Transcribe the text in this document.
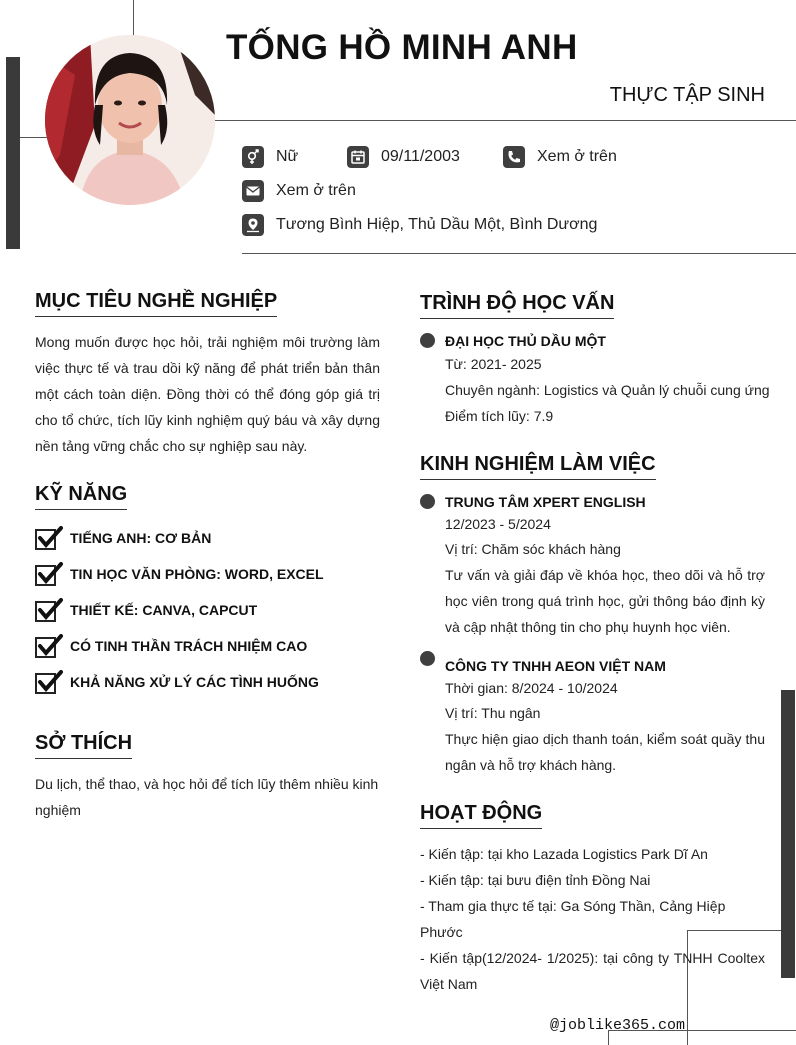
TỐNG HỒ MINH ANH
THỰC TẬP SINH
Nữ	09/11/2003	Xem ở trên
Xem ở trên
Tương Bình Hiệp, Thủ Dầu Một, Bình Dương
MỤC TIÊU NGHỀ NGHIỆP

Mong muốn được học hỏi, trải nghiệm môi trường làm việc thực tế và trau dồi kỹ năng để phát triển bản thân một cách toàn diện. Đồng thời có thể đóng góp giá trị cho tổ chức, tích lũy kinh nghiệm quý báu và xây dựng nền tảng vững chắc cho sự nghiệp sau này.

KỸ NĂNG
TIẾNG ANH: CƠ BẢN
TIN HỌC VĂN PHÒNG: WORD, EXCEL
THIẾT KẾ: CANVA, CAPCUT
CÓ TINH THẦN TRÁCH NHIỆM CAO
KHẢ NĂNG XỬ LÝ CÁC TÌNH HUỐNG
SỞ THÍCH

Du lịch, thể thao, và học hỏi để tích lũy thêm nhiều kinh nghiệm

TRÌNH ĐỘ HỌC VẤN
ĐẠI HỌC THỦ DẦU MỘT
Từ: 2021- 2025
Chuyên ngành: Logistics và Quản lý chuỗi cung ứng
Điểm tích lũy: 7.9
KINH NGHIỆM LÀM VIỆC
TRUNG TÂM XPERT ENGLISH
12/2023 - 5/2024
Vị trí: Chăm sóc khách hàng

Tư vấn và giải đáp về khóa học, theo dõi và hỗ trợ học viên trong quá trình học, gửi thông báo định kỳ và cập nhật thông tin cho phụ huynh học viên.

CÔNG TY TNHH AEON VIỆT NAM
Thời gian: 8/2024 - 10/2024
Vị trí: Thu ngân

Thực hiện giao dịch thanh toán, kiểm soát quầy thu ngân và hỗ trợ khách hàng.

HOẠT ĐỘNG
- Kiến tập: tại kho Lazada Logistics Park Dĩ An
- Kiến tập: tại bưu điện tỉnh Đồng Nai
- Tham gia thực tế tại: Ga Sóng Thần, Cảng Hiệp Phước
- Kiến tập(12/2024- 1/2025): tại công ty TNHH Cooltex Việt Nam
@joblike365.com
